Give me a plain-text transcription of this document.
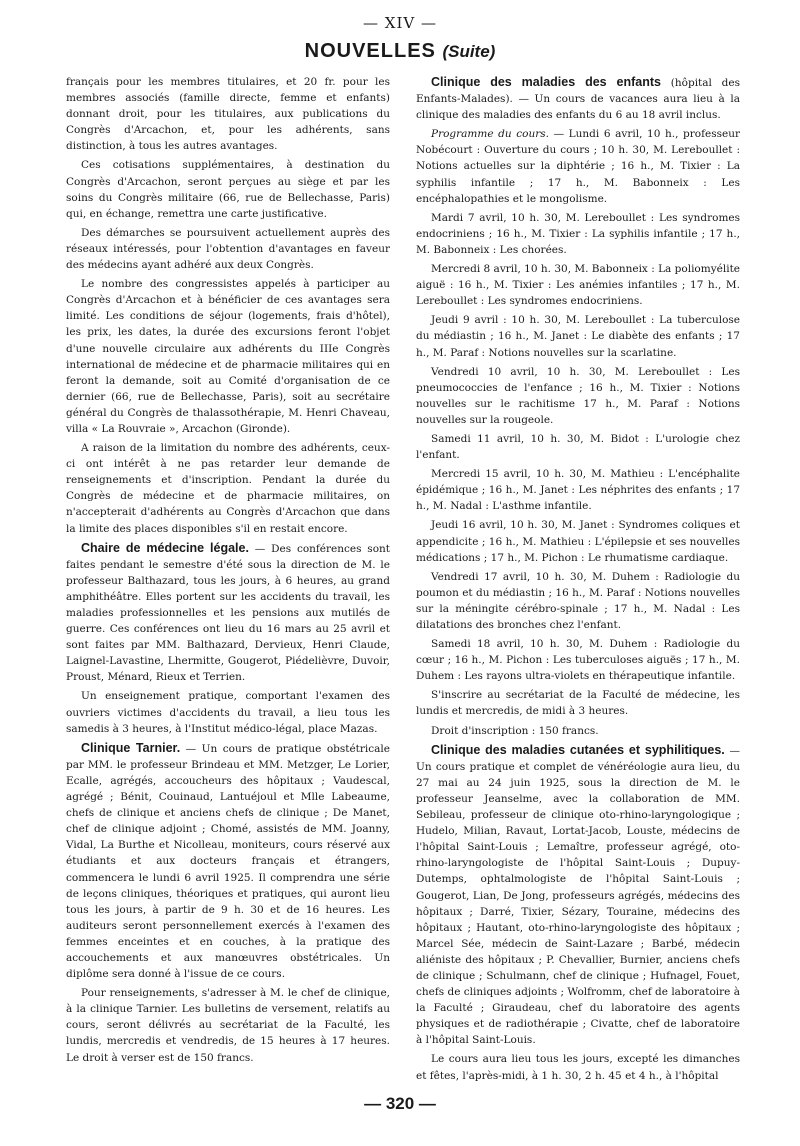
— XIV —
NOUVELLES (Suite)

français pour les membres titulaires, et 20 fr. pour les membres associés (famille directe, femme et enfants) donnant droit, pour les titulaires, aux publications du Congrès d'Arcachon, et, pour les adhérents, sans distinction, à tous les autres avantages.

Ces cotisations supplémentaires, à destination du Congrès d'Arcachon, seront perçues au siège et par les soins du Congrès militaire (66, rue de Bellechasse, Paris) qui, en échange, remettra une carte justificative.

Des démarches se poursuivent actuellement auprès des réseaux intéressés, pour l'obtention d'avantages en faveur des médecins ayant adhéré aux deux Congrès.

Le nombre des congressistes appelés à participer au Congrès d'Arcachon et à bénéficier de ces avantages sera limité. Les conditions de séjour (logements, frais d'hôtel), les prix, les dates, la durée des excursions feront l'objet d'une nouvelle circulaire aux adhérents du IIIe Congrès international de médecine et de pharmacie militaires qui en feront la demande, soit au Comité d'organisation de ce dernier (66, rue de Bellechasse, Paris), soit au secrétaire général du Congrès de thalassothérapie, M. Henri Chaveau, villa « La Rouvraie », Arcachon (Gironde).

A raison de la limitation du nombre des adhérents, ceux-ci ont intérêt à ne pas retarder leur demande de renseignements et d'inscription. Pendant la durée du Congrès de médecine et de pharmacie militaires, on n'accepterait d'adhérents au Congrès d'Arcachon que dans la limite des places disponibles s'il en restait encore.

Chaire de médecine légale. — Des conférences sont faites pendant le semestre d'été sous la direction de M. le professeur Balthazard, tous les jours, à 6 heures, au grand amphithéâtre. Elles portent sur les accidents du travail, les maladies professionnelles et les pensions aux mutilés de guerre. Ces conférences ont lieu du 16 mars au 25 avril et sont faites par MM. Balthazard, Dervieux, Henri Claude, Laignel-Lavastine, Lhermitte, Gougerot, Piédelièvre, Duvoir, Proust, Ménard, Rieux et Terrien.

Un enseignement pratique, comportant l'examen des ouvriers victimes d'accidents du travail, a lieu tous les samedis à 3 heures, à l'Institut médico-légal, place Mazas.

Clinique Tarnier. — Un cours de pratique obstétricale par MM. le professeur Brindeau et MM. Metzger, Le Lorier, Ecalle, agrégés, accoucheurs des hôpitaux ; Vaudescal, agrégé ; Bénit, Couinaud, Lantuéjoul et Mlle Labeaume, chefs de clinique et anciens chefs de clinique ; De Manet, chef de clinique adjoint ; Chomé, assistés de MM. Joanny, Vidal, La Burthe et Nicolleau, moniteurs, cours réservé aux étudiants et aux docteurs français et étrangers, commencera le lundi 6 avril 1925. Il comprendra une série de leçons cliniques, théoriques et pratiques, qui auront lieu tous les jours, à partir de 9 h. 30 et de 16 heures. Les auditeurs seront personnellement exercés à l'examen des femmes enceintes et en couches, à la pratique des accouchements et aux manœuvres obstétricales. Un diplôme sera donné à l'issue de ce cours.

Pour renseignements, s'adresser à M. le chef de clinique, à la clinique Tarnier. Les bulletins de versement, relatifs au cours, seront délivrés au secrétariat de la Faculté, les lundis, mercredis et vendredis, de 15 heures à 17 heures. Le droit à verser est de 150 francs.

Clinique des maladies des enfants (hôpital des Enfants-Malades). — Un cours de vacances aura lieu à la clinique des maladies des enfants du 6 au 18 avril inclus.

Programme du cours. — Lundi 6 avril, 10 h., professeur Nobécourt : Ouverture du cours ; 10 h. 30, M. Lereboullet : Notions actuelles sur la diphtérie ; 16 h., M. Tixier : La syphilis infantile ; 17 h., M. Babonneix : Les encéphalopathies et le mongolisme.

Mardi 7 avril, 10 h. 30, M. Lereboullet : Les syndromes endocriniens ; 16 h., M. Tixier : La syphilis infantile ; 17 h., M. Babonneix : Les chorées.

Mercredi 8 avril, 10 h. 30, M. Babonneix : La poliomyélite aiguë : 16 h., M. Tixier : Les anémies infantiles ; 17 h., M. Lereboullet : Les syndromes endocriniens.

Jeudi 9 avril : 10 h. 30, M. Lereboullet : La tuberculose du médiastin ; 16 h., M. Janet : Le diabète des enfants ; 17 h., M. Paraf : Notions nouvelles sur la scarlatine.

Vendredi 10 avril, 10 h. 30, M. Lereboullet : Les pneumococcies de l'enfance ; 16 h., M. Tixier : Notions nouvelles sur le rachitisme 17 h., M. Paraf : Notions nouvelles sur la rougeole.

Samedi 11 avril, 10 h. 30, M. Bidot : L'urologie chez l'enfant.

Mercredi 15 avril, 10 h. 30, M. Mathieu : L'encéphalite épidémique ; 16 h., M. Janet : Les néphrites des enfants ; 17 h., M. Nadal : L'asthme infantile.

Jeudi 16 avril, 10 h. 30, M. Janet : Syndromes coliques et appendicite ; 16 h., M. Mathieu : L'épilepsie et ses nouvelles médications ; 17 h., M. Pichon : Le rhumatisme cardiaque.

Vendredi 17 avril, 10 h. 30, M. Duhem : Radiologie du poumon et du médiastin ; 16 h., M. Paraf : Notions nouvelles sur la méningite cérébro-spinale ; 17 h., M. Nadal : Les dilatations des bronches chez l'enfant.

Samedi 18 avril, 10 h. 30, M. Duhem : Radiologie du cœur ; 16 h., M. Pichon : Les tuberculoses aiguës ; 17 h., M. Duhem : Les rayons ultra-violets en thérapeutique infantile.

S'inscrire au secrétariat de la Faculté de médecine, les lundis et mercredis, de midi à 3 heures.

Droit d'inscription : 150 francs.

Clinique des maladies cutanées et syphilitiques. — Un cours pratique et complet de vénéréologie aura lieu, du 27 mai au 24 juin 1925, sous la direction de M. le professeur Jeanselme, avec la collaboration de MM. Sebileau, professeur de clinique oto-rhino-laryngologique ; Hudelo, Milian, Ravaut, Lortat-Jacob, Louste, médecins de l'hôpital Saint-Louis ; Lemaître, professeur agrégé, oto-rhino-laryngologiste de l'hôpital Saint-Louis ; Dupuy-Dutemps, ophtalmologiste de l'hôpital Saint-Louis ; Gougerot, Lian, De Jong, professeurs agrégés, médecins des hôpitaux ; Darré, Tixier, Sézary, Touraine, médecins des hôpitaux ; Hautant, oto-rhino-laryngologiste des hôpitaux ; Marcel Sée, médecin de Saint-Lazare ; Barbé, médecin aliéniste des hôpitaux ; P. Chevallier, Burnier, anciens chefs de clinique ; Schulmann, chef de clinique ; Hufnagel, Fouet, chefs de cliniques adjoints ; Wolfromm, chef de laboratoire à la Faculté ; Giraudeau, chef du laboratoire des agents physiques et de radiothérapie ; Civatte, chef de laboratoire à l'hôpital Saint-Louis.

Le cours aura lieu tous les jours, excepté les dimanches et fêtes, l'après-midi, à 1 h. 30, 2 h. 45 et 4 h., à l'hôpital

— 320 —
